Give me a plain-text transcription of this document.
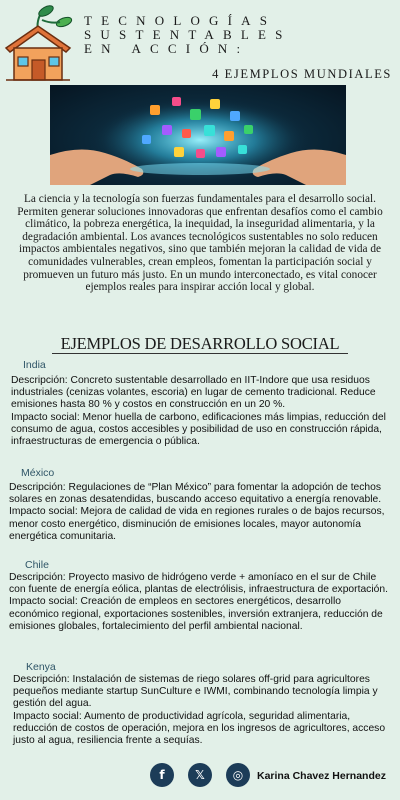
TECNOLOGÍAS
SUSTENTABLES
EN ACCIÓN:
4 EJEMPLOS MUNDIALES
La ciencia y la tecnología son fuerzas fundamentales para el desarrollo social. Permiten generar soluciones innovadoras que enfrentan desafíos como el cambio climático, la pobreza energética, la inequidad, la inseguridad alimentaria, y la degradación ambiental. Los avances tecnológicos sustentables no solo reducen impactos ambientales negativos, sino que también mejoran la calidad de vida de comunidades vulnerables, crean empleos, fomentan la participación social y promueven un futuro más justo. En un mundo interconectado, es vital conocer ejemplos reales para inspirar acción local y global.
EJEMPLOS DE DESARROLLO SOCIAL
India

Descripción: Concreto sustentable desarrollado en IIT-Indore que usa residuos industriales (cenizas volantes, escoria) en lugar de cemento tradicional. Reduce emisiones hasta 80 % y costos en construcción en un 20 %.

Impacto social: Menor huella de carbono, edificaciones más limpias, reducción del consumo de agua, costos accesibles y posibilidad de uso en construcción rápida, infraestructuras de emergencia o pública.

México

Descripción: Regulaciones de “Plan México” para fomentar la adopción de techos solares en zonas desatendidas, buscando acceso equitativo a energía renovable.

Impacto social: Mejora de calidad de vida en regiones rurales o de bajos recursos, menor costo energético, disminución de emisiones locales, mayor autonomía energética comunitaria.

Chile

Descripción: Proyecto masivo de hidrógeno verde + amoníaco en el sur de Chile con fuente de energía eólica, plantas de electrólisis, infraestructura de exportación.

Impacto social: Creación de empleos en sectores energéticos, desarrollo económico regional, exportaciones sostenibles, inversión extranjera, reducción de emisiones globales, fortalecimiento del perfil ambiental nacional.

Kenya

Descripción: Instalación de sistemas de riego solares off-grid para agricultores pequeños mediante startup SunCulture e IWMI, combinando tecnología limpia y gestión del agua.

Impacto social: Aumento de productividad agrícola, seguridad alimentaria, reducción de costos de operación, mejora en los ingresos de agricultores, acceso justo al agua, resiliencia frente a sequías.

f	𝕏	◎	Karina Chavez Hernandez
